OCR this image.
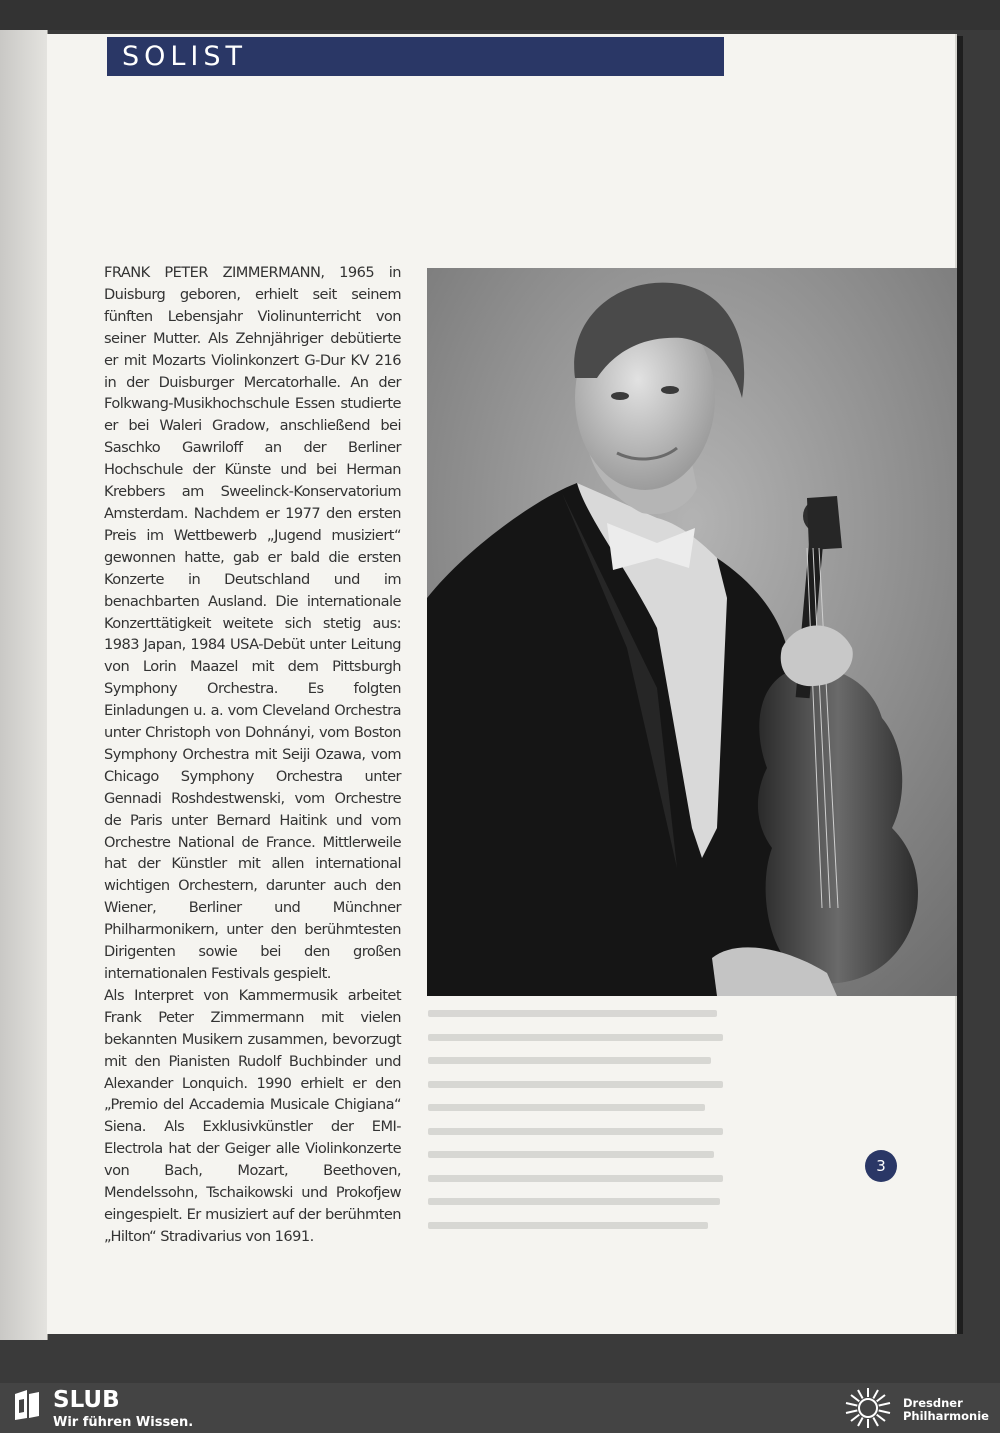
SOLIST

FRANK PETER ZIMMERMANN, 1965 in Duisburg geboren, erhielt seit seinem fünften Lebensjahr Violinunterricht von seiner Mutter. Als Zehnjähriger debütierte er mit Mozarts Violinkonzert G-Dur KV 216 in der Duisburger Mercatorhalle. An der Folkwang-Musikhochschule Essen studierte er bei Waleri Gradow, anschließend bei Saschko Gawriloff an der Berliner Hochschule der Künste und bei Herman Krebbers am Sweelinck-Konservatorium Amsterdam. Nachdem er 1977 den ersten Preis im Wettbewerb „Jugend musiziert“ gewonnen hatte, gab er bald die ersten Konzerte in Deutschland und im benachbarten Ausland. Die internationale Konzerttätigkeit weitete sich stetig aus: 1983 Japan, 1984 USA-Debüt unter Leitung von Lorin Maazel mit dem Pittsburgh Symphony Orchestra. Es folgten Einladungen u. a. vom Cleveland Orchestra unter Christoph von Dohnányi, vom Boston Symphony Orchestra mit Seiji Ozawa, vom Chicago Symphony Orchestra unter Gennadi Roshdestwenski, vom Orchestre de Paris unter Bernard Haitink und vom Orchestre National de France. Mittlerweile hat der Künstler mit allen international wichtigen Orchestern, darunter auch den Wiener, Berliner und Münchner Philharmonikern, unter den berühmtesten Dirigenten sowie bei den großen internationalen Festivals gespielt.

Als Interpret von Kammermusik arbeitet Frank Peter Zimmermann mit vielen bekannten Musikern zusammen, bevorzugt mit den Pianisten Rudolf Buchbinder und Alexander Lonquich. 1990 erhielt er den „Premio del Accademia Musicale Chigiana“ Siena. Als Exklusivkünstler der EMI-Electrola hat der Geiger alle Violinkonzerte von Bach, Mozart, Beethoven, Mendelssohn, Tschaikowski und Prokofjew eingespielt. Er musiziert auf der berühmten „Hilton“ Stradivarius von 1691.

3
SLUB
Wir führen Wissen.
Dresdner
Philharmonie
